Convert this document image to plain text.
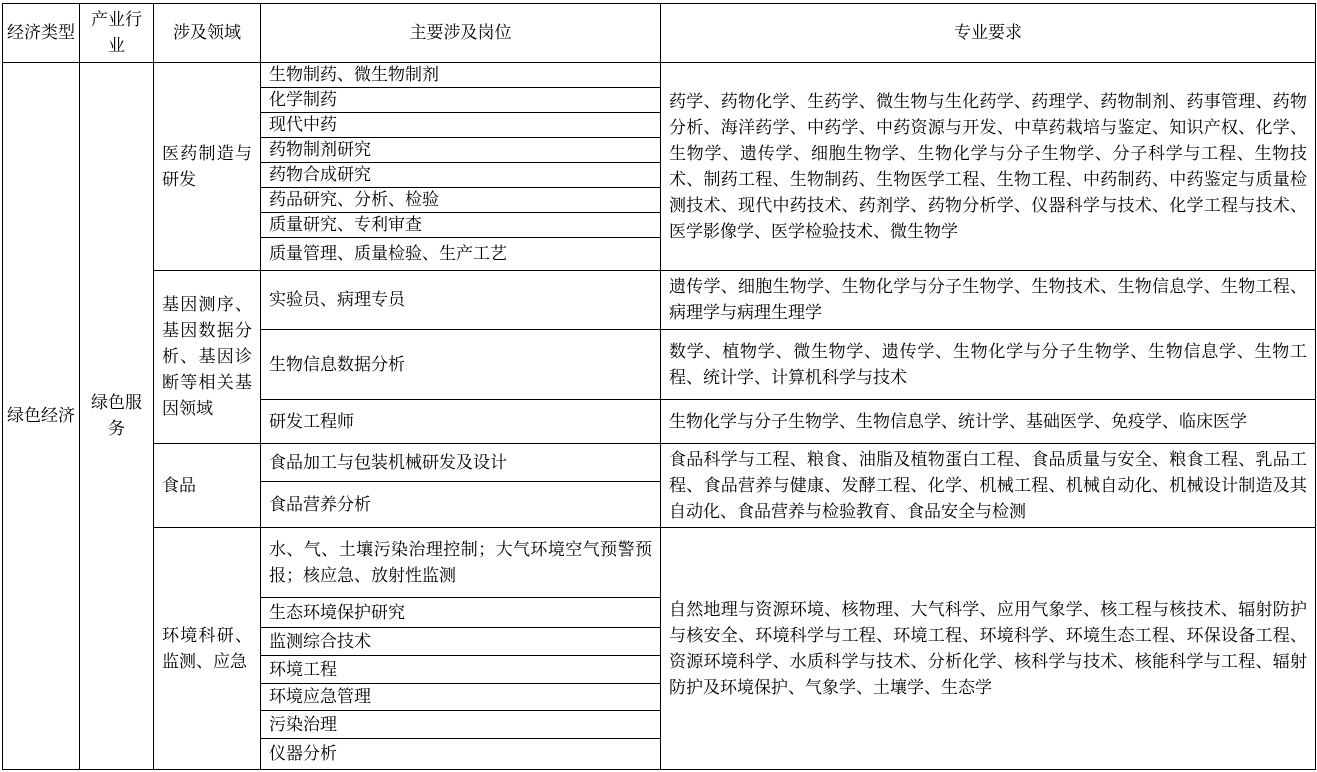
经济类型	产业行业	涉及领域	主要涉及岗位	专业要求
绿色经济	绿色服务	医药制造与研发	生物制药、微生物制剂	药学、药物化学、生药学、微生物与生化药学、药理学、药物制剂、药事管理、药物分析、海洋药学、中药学、中药资源与开发、中草药栽培与鉴定、知识产权、化学、生物学、遗传学、细胞生物学、生物化学与分子生物学、分子科学与工程、生物技术、制药工程、生物制药、生物医学工程、生物工程、中药制药、中药鉴定与质量检测技术、现代中药技术、药剂学、药物分析学、仪器科学与技术、化学工程与技术、医学影像学、医学检验技术、微生物学
			化学制药	
			现代中药	
			药物制剂研究	
			药物合成研究	
			药品研究、分析、检验	
			质量研究、专利审查	
			质量管理、质量检验、生产工艺	
		基因测序、基因数据分析、基因诊断等相关基因领域	实验员、病理专员	遗传学、细胞生物学、生物化学与分子生物学、生物技术、生物信息学、生物工程、病理学与病理生理学
			生物信息数据分析	数学、植物学、微生物学、遗传学、生物化学与分子生物学、生物信息学、生物工程、统计学、计算机科学与技术
			研发工程师	生物化学与分子生物学、生物信息学、统计学、基础医学、免疫学、临床医学
		食品	食品加工与包装机械研发及设计	食品科学与工程、粮食、油脂及植物蛋白工程、食品质量与安全、粮食工程、乳品工程、食品营养与健康、发酵工程、化学、机械工程、机械自动化、机械设计制造及其自动化、食品营养与检验教育、食品安全与检测
			食品营养分析	
		环境科研、监测、应急	水、气、土壤污染治理控制；大气环境空气预警预报；核应急、放射性监测	自然地理与资源环境、核物理、大气科学、应用气象学、核工程与核技术、辐射防护与核安全、环境科学与工程、环境工程、环境科学、环境生态工程、环保设备工程、资源环境科学、水质科学与技术、分析化学、核科学与技术、核能科学与工程、辐射防护及环境保护、气象学、土壤学、生态学
			生态环境保护研究	
			监测综合技术	
			环境工程	
			环境应急管理	
			污染治理	
			仪器分析	
